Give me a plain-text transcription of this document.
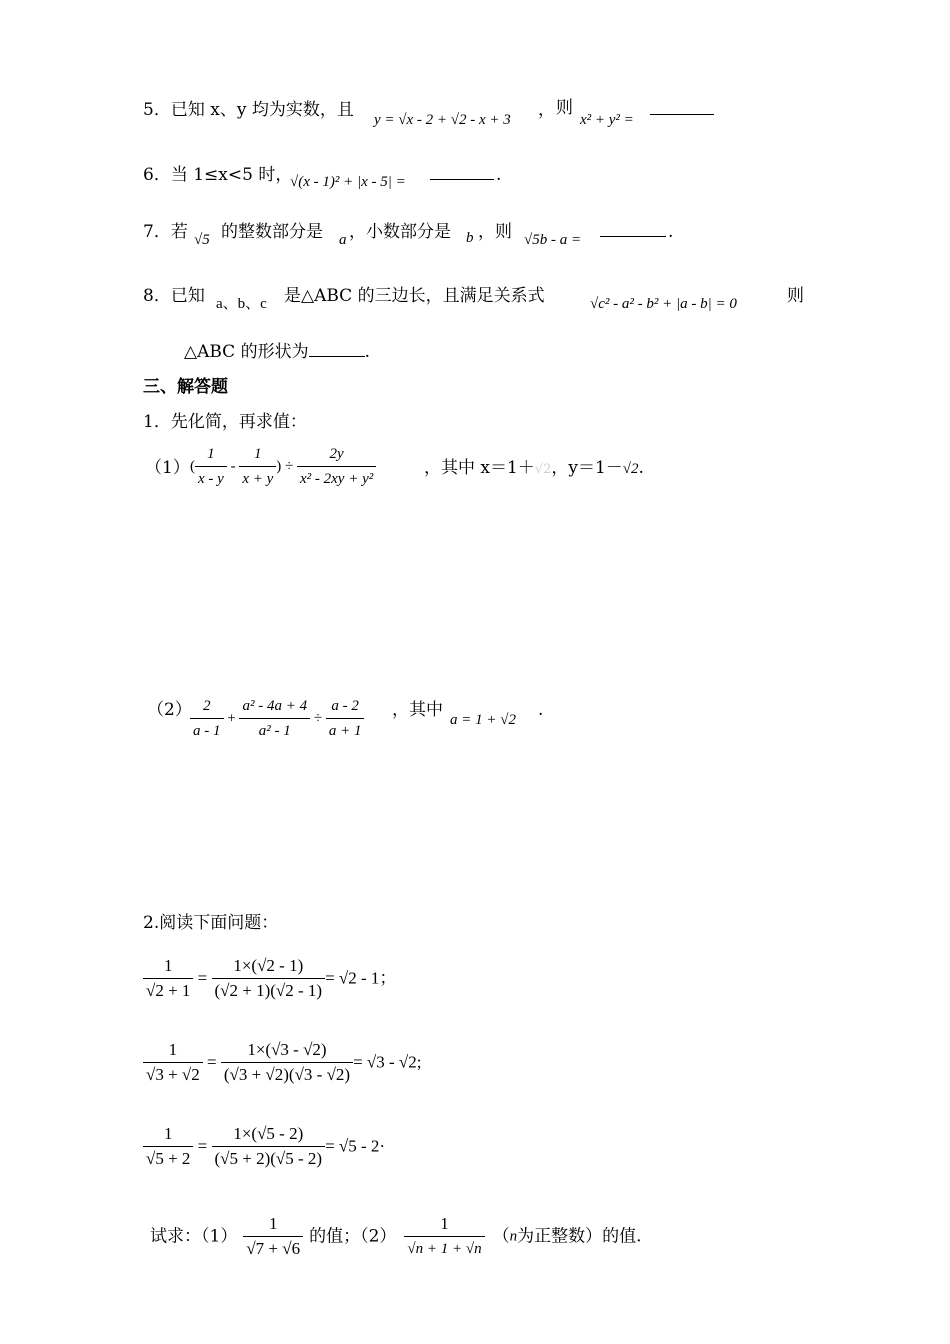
5．已知 x、y 均为实数，且 y = √x - 2 + √2 - x + 3 ， 则
x² + y² =
6．当 1≤x<5 时，
√(x - 1)² + |x - 5| =	.
7．若 √5 的整数部分是 a ，小数部分是 b ，则 √5b - a =	.
8．已知 a、b、c 是△ABC 的三边长，且满足关系式	√c² - a² - b² + |a - b| = 0	则
△ABC 的形状为	.
三、解答题
1．先化简，再求值：
（1） ( $\frac{1}{x - y} - \frac{1}{x + y}$ ) ÷ $\frac{2y}{\text{x² - 2xy + y²}}$	，其中 x＝1＋√2，y＝1－√2.
（2）
$\frac{2}{a - 1} + \frac{\text{a² - 4a + 4}}{\text{a² - 1}} \div \frac{a - 2}{a + 1}$ ，其中 a = 1 + √2 .
2.阅读下面问题：
$\frac{1}{√2 + 1} = \frac{1\times(√2 - 1)}{(√2 + 1)(√2 - 1)} = √2 - 1$；
$\frac{1}{√3 + √2} = \frac{1\times(√3 - √2)}{(√3 + √2)(√3 - √2)} = √3 - √2$;
$\frac{1}{√5 + 2} = \frac{1\times(√5 - 2)}{(√5 + 2)(√5 - 2)} = √5 - 2\cdot$
试求：$(1) \frac{1}{√7 + √6}$ 的值；$(2) \frac{1}{√n + 1 + √n} (n$为正整数）的值.
